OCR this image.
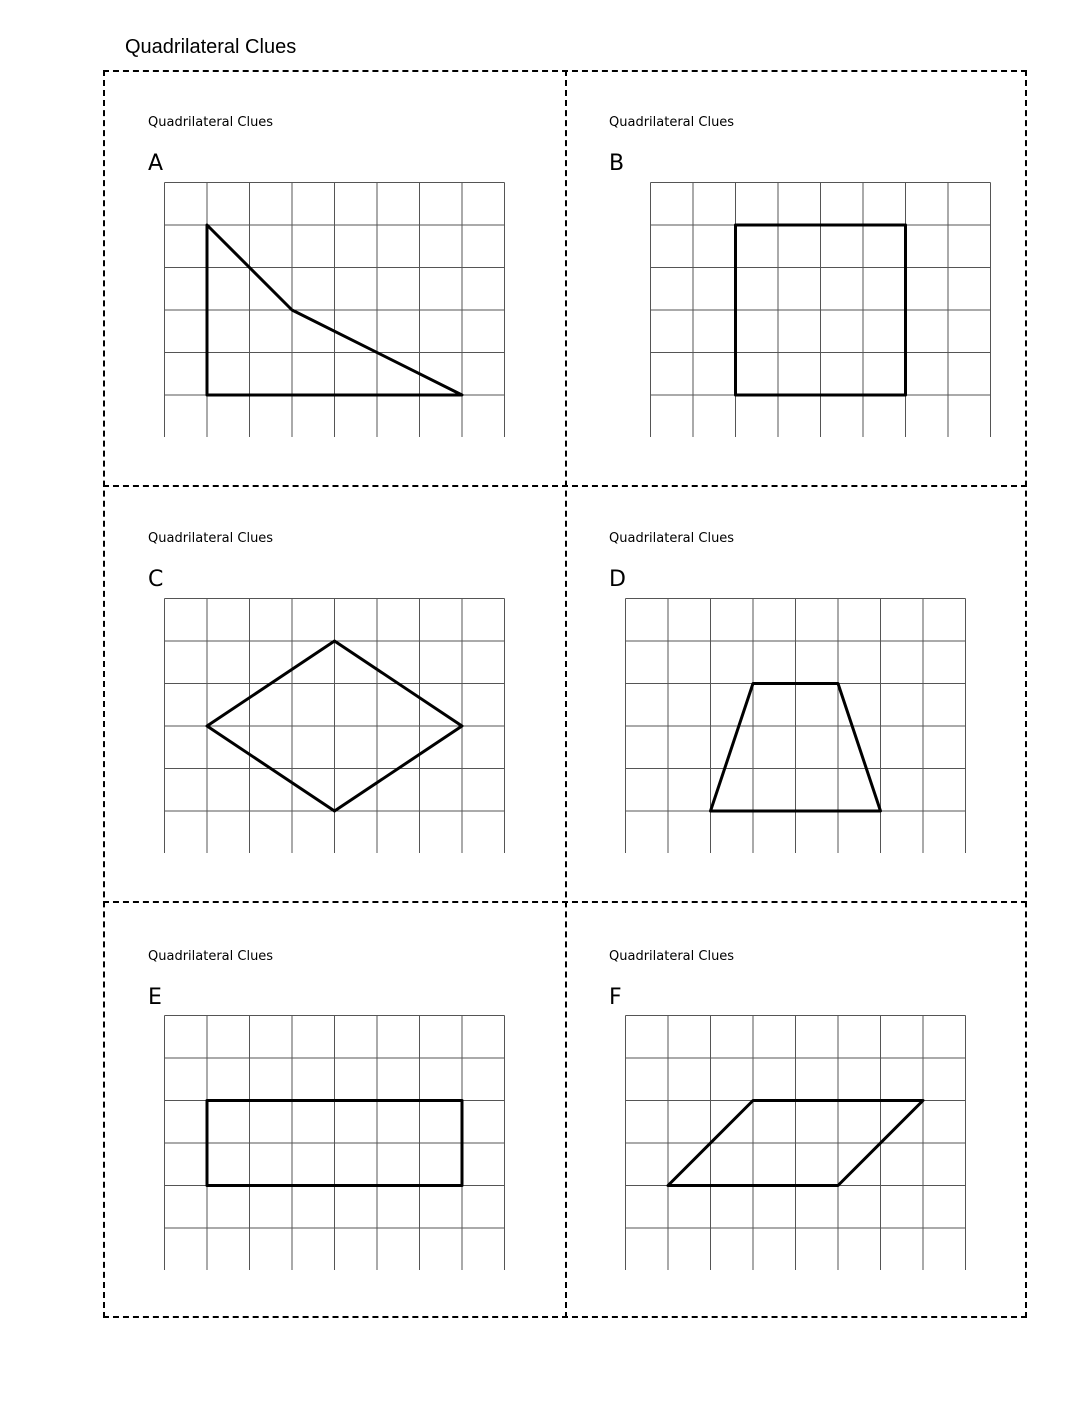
Quadrilateral Clues
Quadrilateral Clues
A
Quadrilateral Clues
B
Quadrilateral Clues
C
Quadrilateral Clues
D
Quadrilateral Clues
E
Quadrilateral Clues
F
